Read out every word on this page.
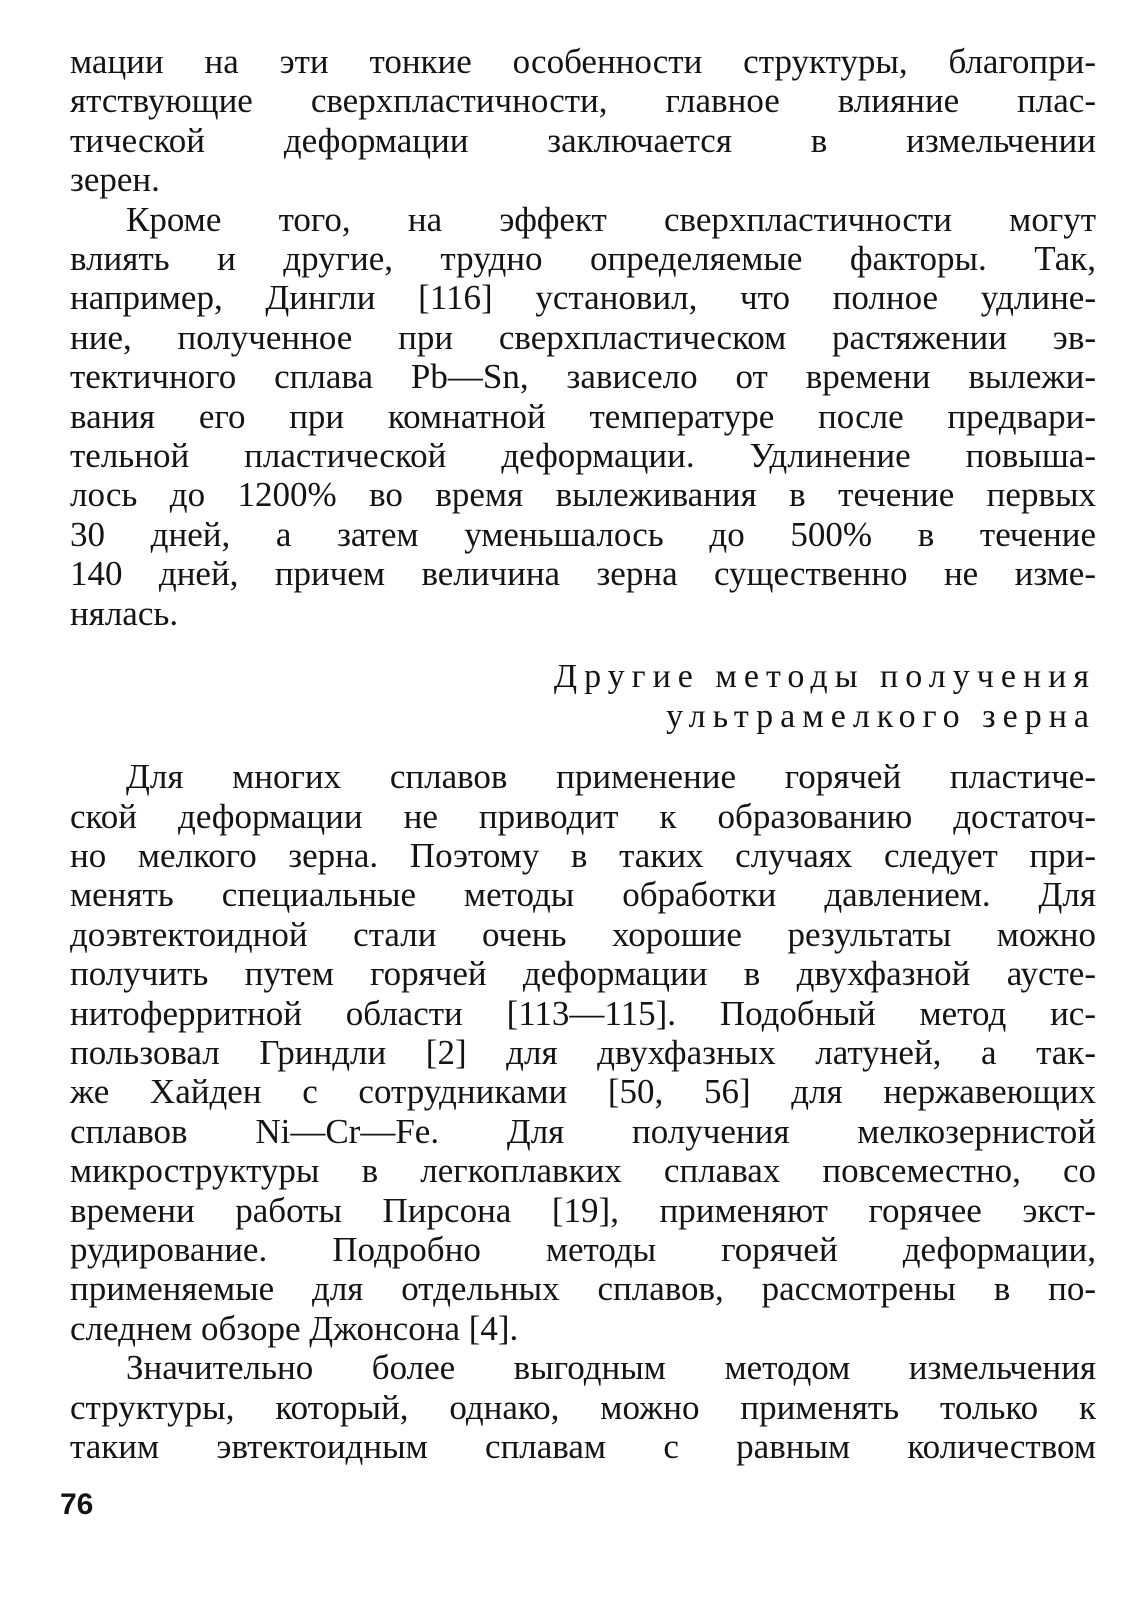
мации на эти тонкие особенности структуры, благопри-
ятствующие сверхпластичности, главное влияние плас-
тической деформации заключается в измельчении
зерен.
Кроме того, на эффект сверхпластичности могут
влиять и другие, трудно определяемые факторы. Так,
например, Дингли [116] установил, что полное удлине-
ние, полученное при сверхпластическом растяжении эв-
тектичного сплава Pb—Sn, зависело от времени вылежи-
вания его при комнатной температуре после предвари-
тельной пластической деформации. Удлинение повыша-
лось до 1200% во время вылеживания в течение первых
30 дней, а затем уменьшалось до 500% в течение
140 дней, причем величина зерна существенно не изме-
нялась.
Другие методы получения
ультрамелкого зерна
Для многих сплавов применение горячей пластиче-
ской деформации не приводит к образованию достаточ-
но мелкого зерна. Поэтому в таких случаях следует при-
менять специальные методы обработки давлением. Для
доэвтектоидной стали очень хорошие результаты можно
получить путем горячей деформации в двухфазной аусте-
нитоферритной области [113—115]. Подобный метод ис-
пользовал Гриндли [2] для двухфазных латуней, а так-
же Хайден с сотрудниками [50, 56] для нержавеющих
сплавов Ni—Cr—Fe. Для получения мелкозернистой
микроструктуры в легкоплавких сплавах повсеместно, со
времени работы Пирсона [19], применяют горячее экст-
рудирование. Подробно методы горячей деформации,
применяемые для отдельных сплавов, рассмотрены в по-
следнем обзоре Джонсона [4].
Значительно более выгодным методом измельчения
структуры, который, однако, можно применять только к
таким эвтектоидным сплавам с равным количеством
76
